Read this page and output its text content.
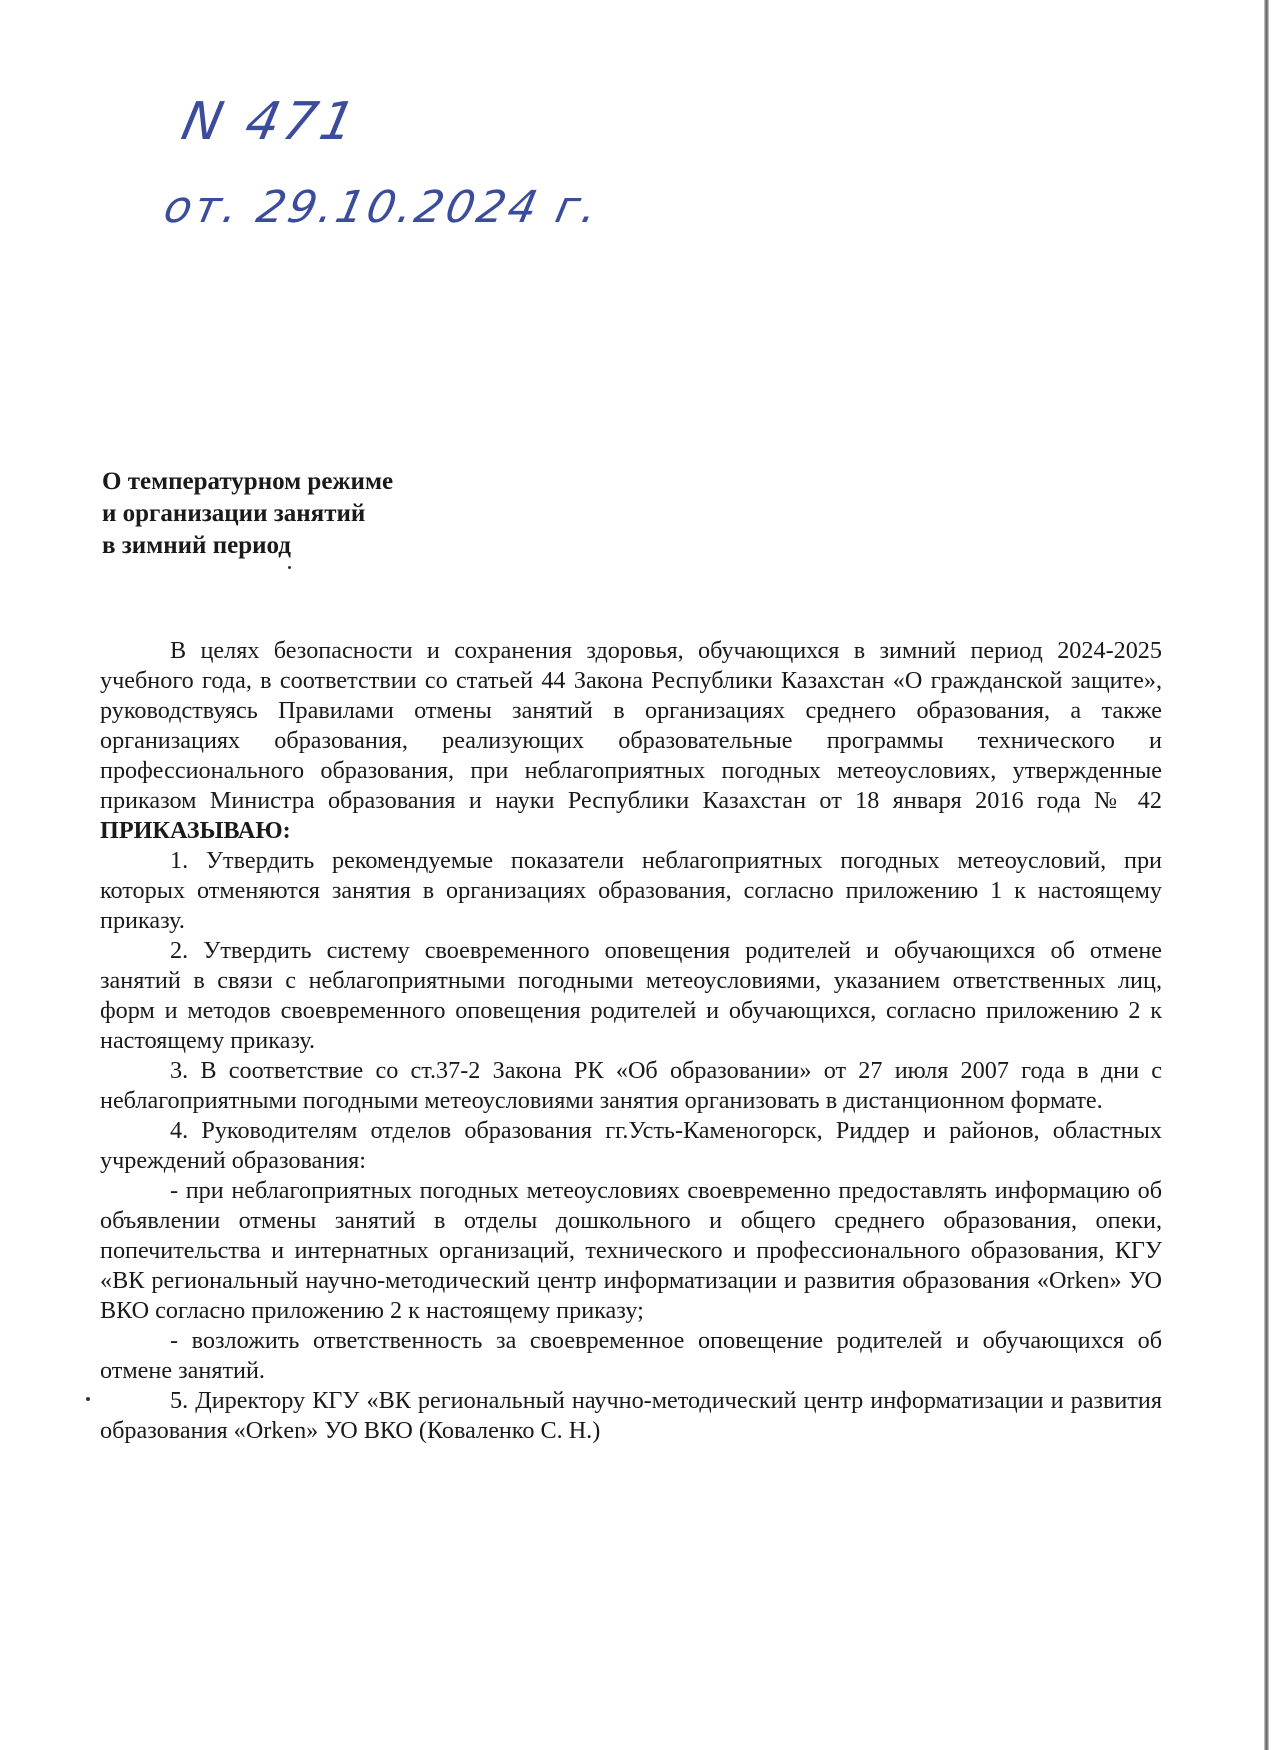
N 471
от. 29.10.2024 г.
О температурном режиме
и организации занятий
в зимний период

В целях безопасности и сохранения здоровья, обучающихся в зимний период 2024-2025 учебного года, в соответствии со статьей 44 Закона Республики Казахстан «О гражданской защите», руководствуясь Правилами отмены занятий в организациях среднего образования, а также организациях образования, реализующих образовательные программы технического и профессионального образования, при неблагоприятных погодных метеоусловиях, утвержденные приказом Министра образования и науки Республики Казахстан от 18 января 2016 года № 42 ПРИКАЗЫВАЮ:

1. Утвердить рекомендуемые показатели неблагоприятных погодных метеоусловий, при которых отменяются занятия в организациях образования, согласно приложению 1 к настоящему приказу.

2. Утвердить систему своевременного оповещения родителей и обучающихся об отмене занятий в связи с неблагоприятными погодными метеоусловиями, указанием ответственных лиц, форм и методов своевременного оповещения родителей и обучающихся, согласно приложению 2 к настоящему приказу.

3. В соответствие со ст.37-2 Закона РК «Об образовании» от 27 июля 2007 года в дни с неблагоприятными погодными метеоусловиями занятия организовать в дистанционном формате.

4. Руководителям отделов образования гг.Усть-Каменогорск, Риддер и районов, областных учреждений образования:

- при неблагоприятных погодных метеоусловиях своевременно предоставлять информацию об объявлении отмены занятий в отделы дошкольного и общего среднего образования, опеки, попечительства и интернатных организаций, технического и профессионального образования, КГУ «ВК региональный научно-методический центр информатизации и развития образования «Orken» УО ВКО согласно приложению 2 к настоящему приказу;

- возложить ответственность за своевременное оповещение родителей и обучающихся об отмене занятий.

5. Директору КГУ «ВК региональный научно-методический центр информатизации и развития образования «Orken» УО ВКО (Коваленко С. Н.)
